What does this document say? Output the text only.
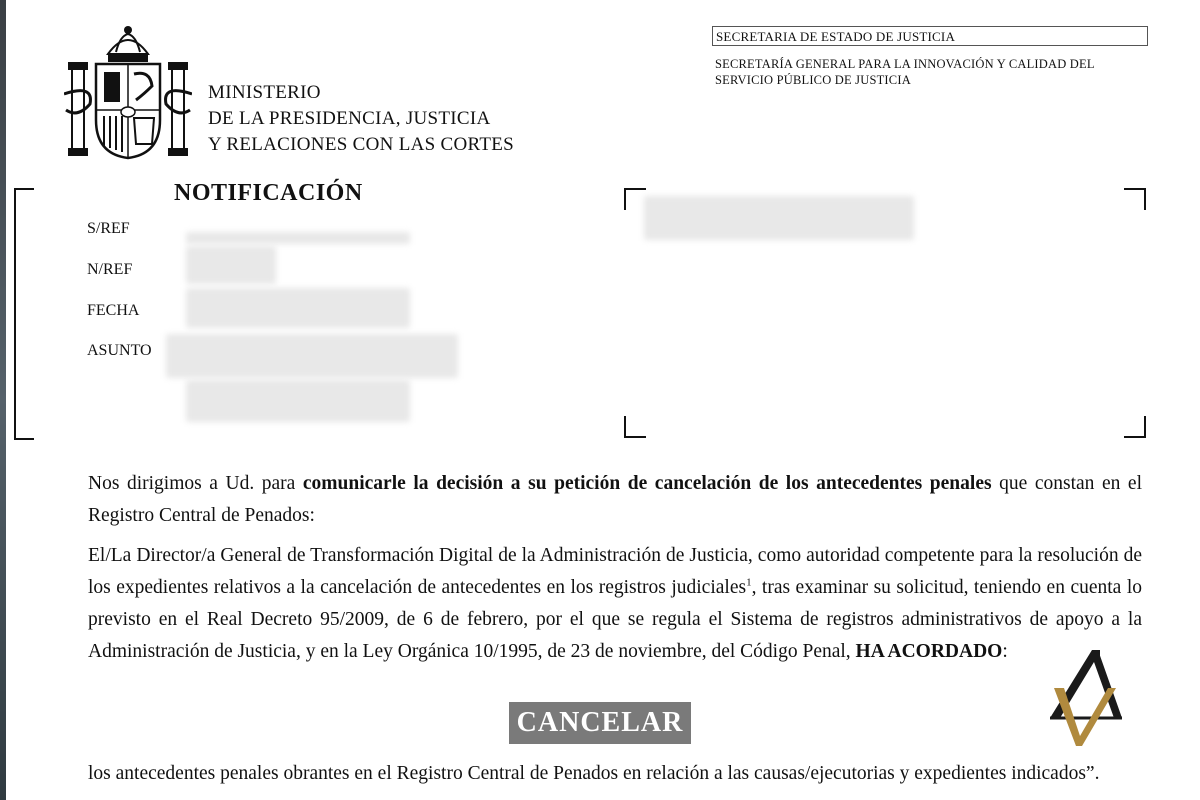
MINISTERIO
DE LA PRESIDENCIA, JUSTICIA
Y RELACIONES CON LAS CORTES
SECRETARIA DE ESTADO DE JUSTICIA
SECRETARÍA GENERAL PARA LA INNOVACIÓN Y CALIDAD DEL
SERVICIO PÚBLICO DE JUSTICIA
NOTIFICACIÓN
S/REF
N/REF
FECHA
ASUNTO
Nos dirigimos a Ud. para comunicarle la decisión a su petición de cancelación de los antecedentes penales que constan en el Registro Central de Penados:
El/La Director/a General de Transformación Digital de la Administración de Justicia, como autoridad competente para la resolución de los expedientes relativos a la cancelación de antecedentes en los registros judiciales$^1$, tras examinar su solicitud, teniendo en cuenta lo previsto en el Real Decreto 95/2009, de 6 de febrero, por el que se regula el Sistema de registros administrativos de apoyo a la Administración de Justicia, y en la Ley Orgánica 10/1995, de 23 de noviembre, del Código Penal, HA ACORDADO:
CANCELAR
los antecedentes penales obrantes en el Registro Central de Penados en relación a las causas/ejecutorias y expedientes indicados”.
